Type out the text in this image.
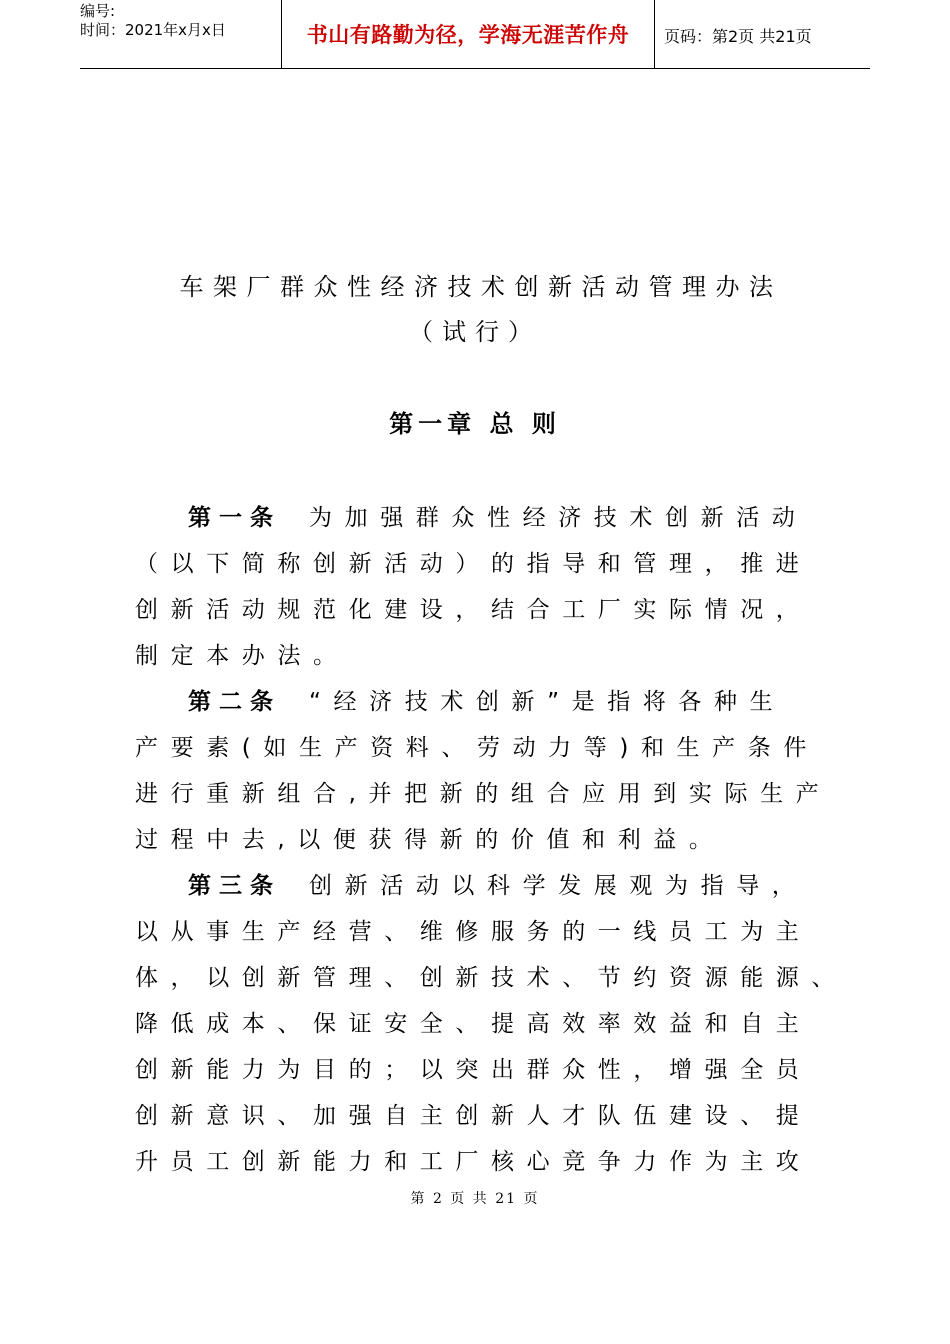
编号:
时间：2021年x月x日	书山有路勤为径，学海无涯苦作舟	页码：第2页 共21页
车架厂群众性经济技术创新活动管理办法
（试行）
第一章 总 则
第一条 为加强群众性经济技术创新活动
（以下简称创新活动）的指导和管理，推进
创新活动规范化建设，结合工厂实际情况，
制定本办法。
第二条 “经济技术创新”是指将各种生
产要素(如生产资料、劳动力等)和生产条件
进行重新组合,并把新的组合应用到实际生产
过程中去,以便获得新的价值和利益。
第三条 创新活动以科学发展观为指导，
以从事生产经营、维修服务的一线员工为主
体，以创新管理、创新技术、节约资源能源、
降低成本、保证安全、提高效率效益和自主
创新能力为目的；以突出群众性，增强全员
创新意识、加强自主创新人才队伍建设、提
升员工创新能力和工厂核心竞争力作为主攻
第 2 页 共 21 页
